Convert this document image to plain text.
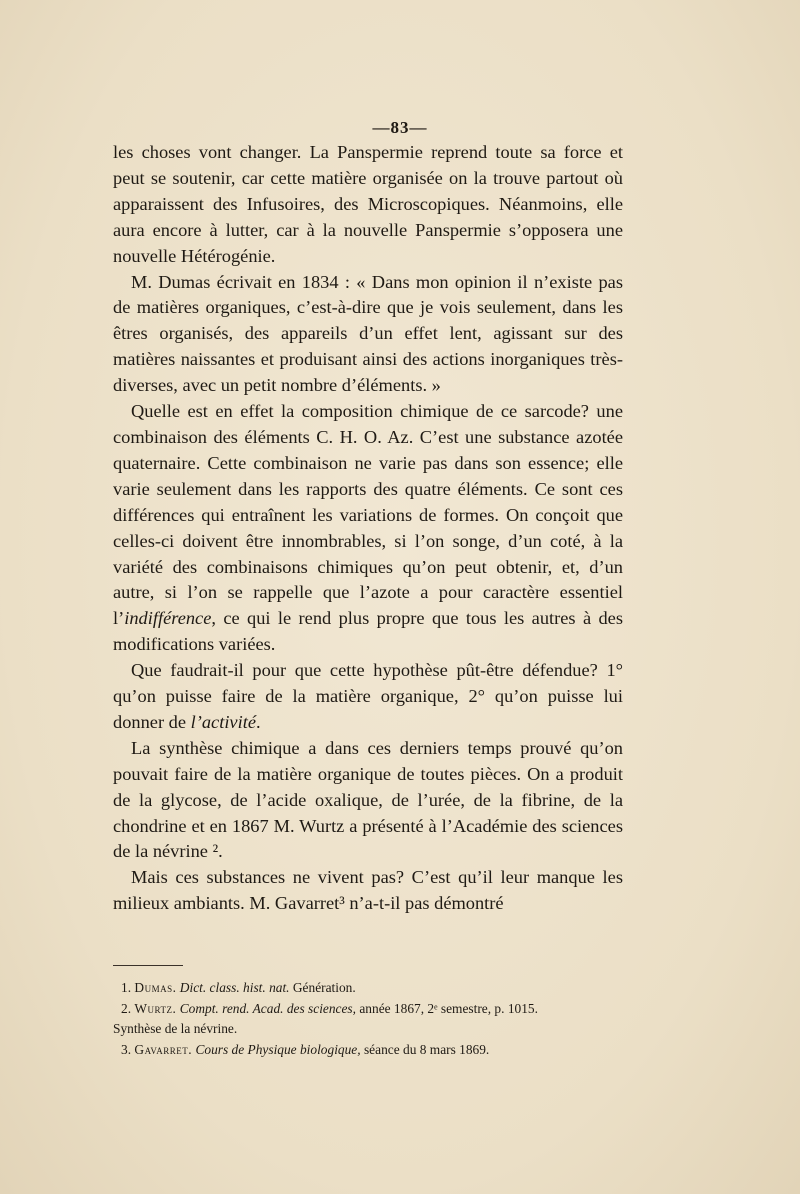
—83—

les choses vont changer. La Panspermie reprend toute sa force et peut se soutenir, car cette matière organisée on la trouve partout où apparaissent des Infusoires, des Microscopiques. Néanmoins, elle aura encore à lutter, car à la nouvelle Panspermie s’opposera une nouvelle Hétérogénie.

M. Dumas écrivait en 1834 : « Dans mon opinion il n’existe pas de matières organiques, c’est-à-dire que je vois seulement, dans les êtres organisés, des appareils d’un effet lent, agissant sur des matières naissantes et produisant ainsi des actions inorganiques très-diverses, avec un petit nombre d’éléments. »

Quelle est en effet la composition chimique de ce sarcode? une combinaison des éléments C. H. O. Az. C’est une substance azotée quaternaire. Cette combinaison ne varie pas dans son essence; elle varie seulement dans les rapports des quatre éléments. Ce sont ces différences qui entraînent les variations de formes. On conçoit que celles-ci doivent être innombrables, si l’on songe, d’un coté, à la variété des combinaisons chimiques qu’on peut obtenir, et, d’un autre, si l’on se rappelle que l’azote a pour caractère essentiel l’indifférence, ce qui le rend plus propre que tous les autres à des modifications variées.

Que faudrait-il pour que cette hypothèse pût-être défendue? 1° qu’on puisse faire de la matière organique, 2° qu’on puisse lui donner de l’activité.

La synthèse chimique a dans ces derniers temps prouvé qu’on pouvait faire de la matière organique de toutes pièces. On a produit de la glycose, de l’acide oxalique, de l’urée, de la fibrine, de la chondrine et en 1867 M. Wurtz a présenté à l’Académie des sciences de la névrine ².

Mais ces substances ne vivent pas? C’est qu’il leur manque les milieux ambiants. M. Gavarret³ n’a-t-il pas démontré

1. Dumas. Dict. class. hist. nat. Génération.

2. Wurtz. Compt. rend. Acad. des sciences, année 1867, 2ᵉ semestre, p. 1015.

Synthèse de la névrine.

3. Gavarret. Cours de Physique biologique, séance du 8 mars 1869.
